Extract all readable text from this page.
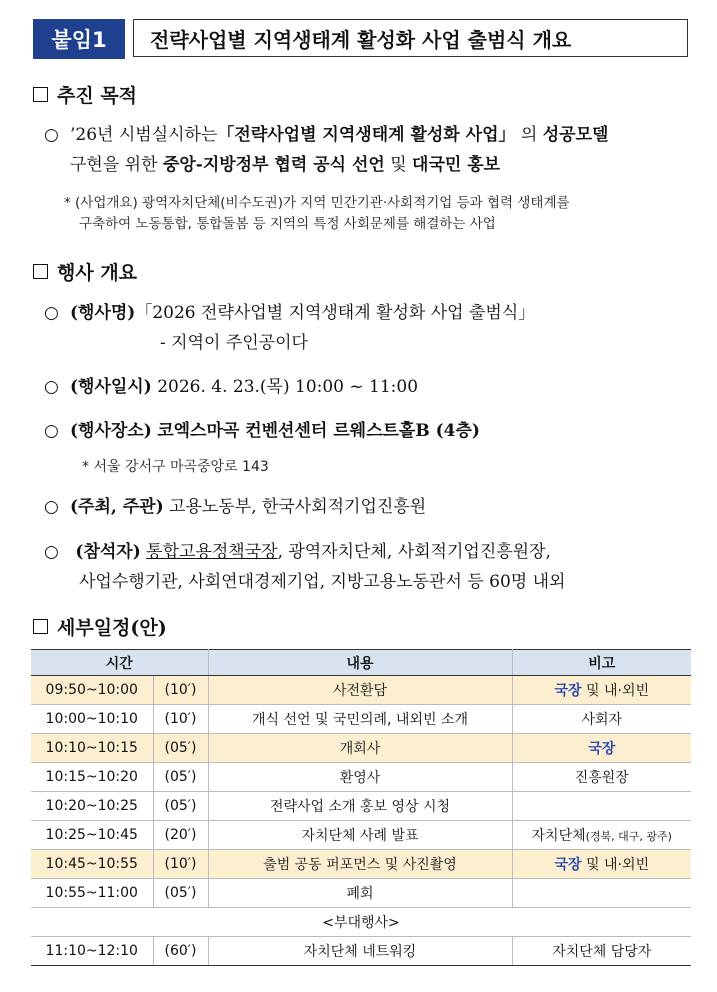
붙임1	전략사업별 지역생태계 활성화 사업 출범식 개요
추진 목적
○ ’26년 시범실시하는「전략사업별 지역생태계 활성화 사업」 의 성공모델
구현을 위한 중앙-지방정부 협력 공식 선언 및 대국민 홍보
* (사업개요) 광역자치단체(비수도권)가 지역 민간기관·사회적기업 등과 협력 생태계를
구축하여 노동통합, 통합돌봄 등 지역의 특정 사회문제를 해결하는 사업
행사 개요
○ (행사명)「2026 전략사업별 지역생태계 활성화 사업 출범식」
- 지역이 주인공이다
○ (행사일시) 2026. 4. 23.(목) 10:00 ~ 11:00
○ (행사장소) 코엑스마곡 컨벤션센터 르웨스트홀B (4층)
* 서울 강서구 마곡중앙로 143
○ (주최, 주관) 고용노동부, 한국사회적기업진흥원
○ (참석자) 통합고용정책국장, 광역자치단체, 사회적기업진흥원장,
사업수행기관, 사회연대경제기업, 지방고용노동관서 등 60명 내외
세부일정(안)
시간		내용	비고
09:50~10:00	(10′)	사전환담	국장 및 내·외빈
10:00~10:10	(10′)	개식 선언 및 국민의례, 내외빈 소개	사회자
10:10~10:15	(05′)	개회사	국장
10:15~10:20	(05′)	환영사	진흥원장
10:20~10:25	(05′)	전략사업 소개 홍보 영상 시청	
10:25~10:45	(20′)	자치단체 사례 발표	자치단체(경북, 대구, 광주)
10:45~10:55	(10′)	출범 공동 퍼포먼스 및 사진촬영	국장 및 내·외빈
10:55~11:00	(05′)	폐회	
<부대행사>			
11:10~12:10	(60′)	자치단체 네트워킹	자치단체 담당자
